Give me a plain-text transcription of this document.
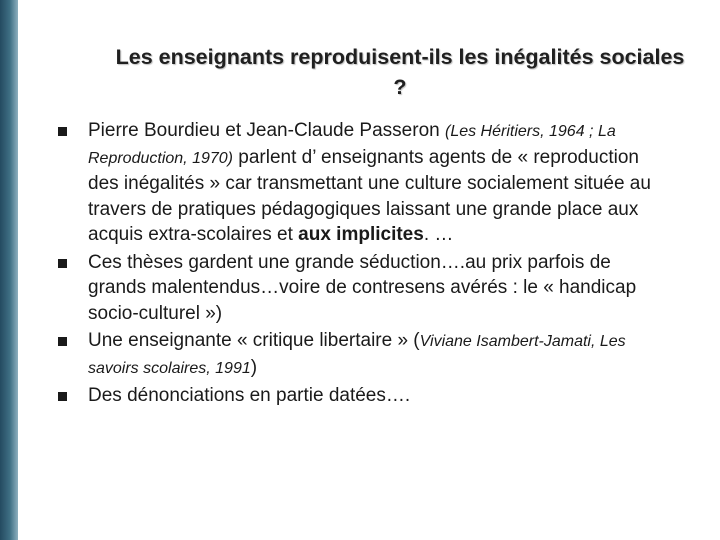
Les enseignants reproduisent-ils les inégalités sociales
?
Pierre Bourdieu et Jean-Claude Passeron (Les Héritiers, 1964 ; La Reproduction, 1970) parlent d’ enseignants agents de « reproduction des inégalités » car transmettant une culture socialement située au travers de pratiques pédagogiques laissant une grande place aux acquis extra-scolaires et aux implicites. …
Ces thèses gardent une grande séduction….au prix parfois de grands malentendus…voire de contresens avérés : le « handicap socio-culturel »)
Une enseignante « critique libertaire » (Viviane Isambert-Jamati, Les savoirs scolaires, 1991)
Des dénonciations en partie datées….
